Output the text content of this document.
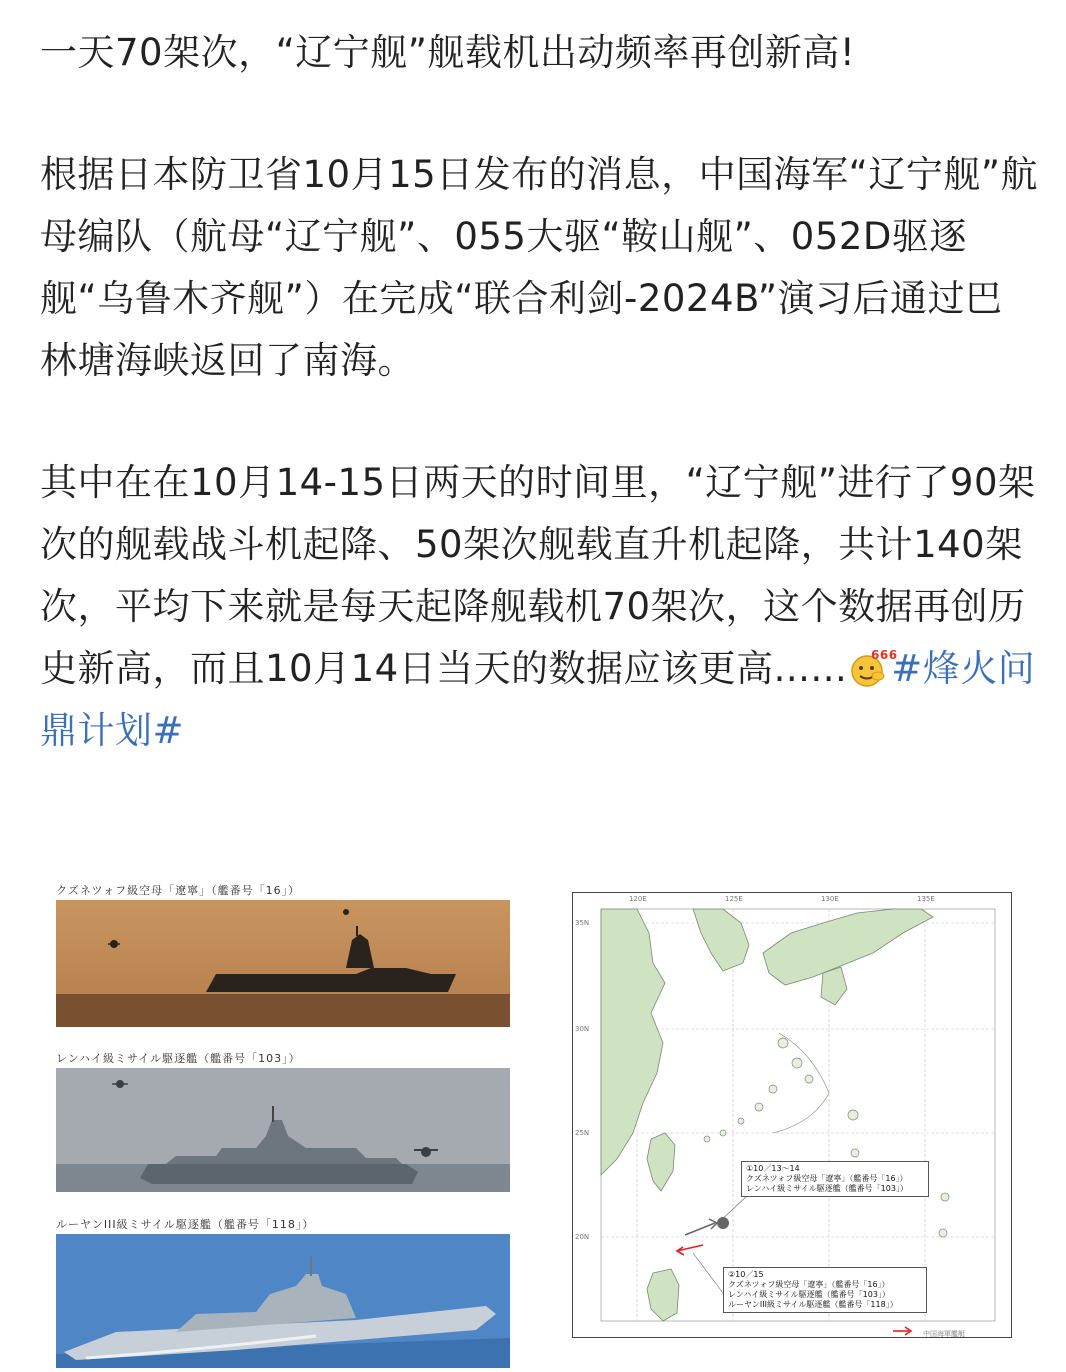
一天70架次，“辽宁舰”舰载机出动频率再创新高!

根据日本防卫省10月15日发布的消息，中国海军“辽宁舰”航母编队（航母“辽宁舰”、055大驱“鞍山舰”、052D驱逐舰“乌鲁木齐舰”）在完成“联合利剑-2024B”演习后通过巴林塘海峡返回了南海。

其中在在10月14-15日两天的时间里，“辽宁舰”进行了90架次的舰载战斗机起降、50架次舰载直升机起降，共计140架次，平均下来就是每天起降舰载机70架次，这个数据再创历史新高，而且10月14日当天的数据应该更高...... 666
#烽火问鼎计划#

クズネツォフ級空母「遼寧」（艦番号「16」）
レンハイ級ミサイル駆逐艦（艦番号「103」）
ルーヤンIII級ミサイル駆逐艦（艦番号「118」）
120E	125E	130E	135E
35N
30N
25N
20N
①10／13～14
クズネツォフ級空母「遼寧」（艦番号「16」）
レンハイ級ミサイル駆逐艦（艦番号「103」）
②10／15
クズネツォフ級空母「遼寧」（艦番号「16」）
レンハイ級ミサイル駆逐艦（艦番号「103」）
ルーヤンIII級ミサイル駆逐艦（艦番号「118」）
中国海軍艦艇
